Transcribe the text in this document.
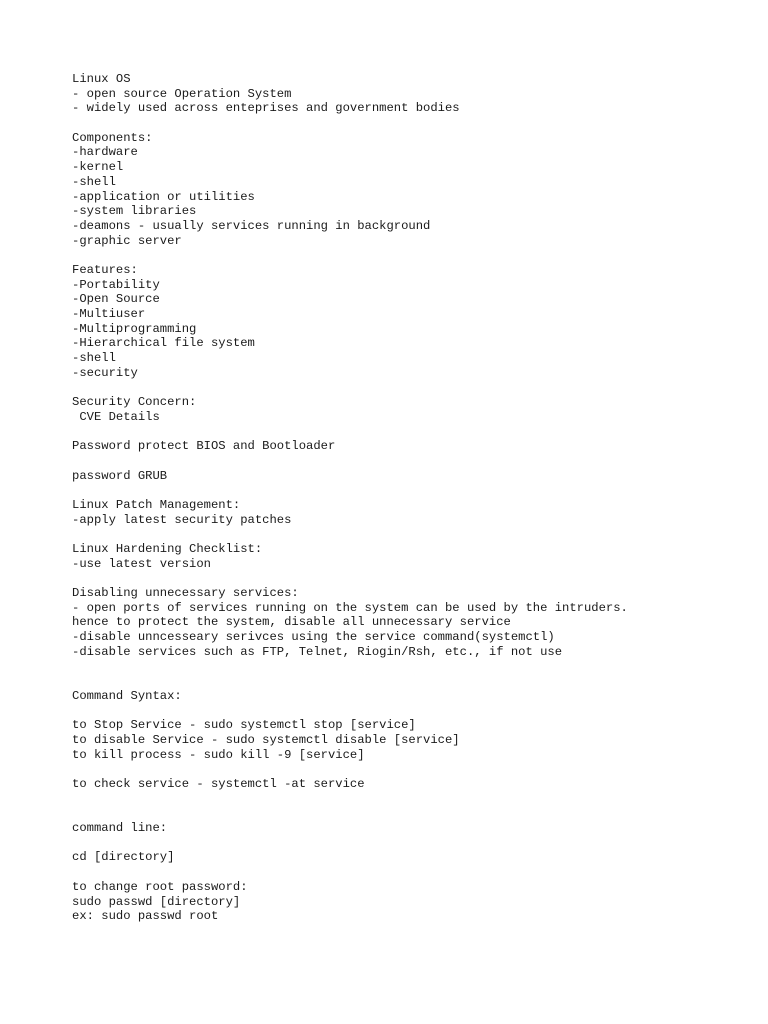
Linux OS
- open source Operation System
- widely used across enteprises and government bodies
Components:
-hardware
-kernel
-shell
-application or utilities
-system libraries
-deamons - usually services running in background
-graphic server
Features:
-Portability
-Open Source
-Multiuser
-Multiprogramming
-Hierarchical file system
-shell
-security
Security Concern:
CVE Details
Password protect BIOS and Bootloader
password GRUB
Linux Patch Management:
-apply latest security patches
Linux Hardening Checklist:
-use latest version
Disabling unnecessary services:
- open ports of services running on the system can be used by the intruders.
hence to protect the system, disable all unnecessary service
-disable unncesseary serivces using the service command(systemctl)
-disable services such as FTP, Telnet, Riogin/Rsh, etc., if not use
Command Syntax:
to Stop Service - sudo systemctl stop [service]
to disable Service - sudo systemctl disable [service]
to kill process - sudo kill -9 [service]
to check service - systemctl -at service
command line:
cd [directory]
to change root password:
sudo passwd [directory]
ex: sudo passwd root
